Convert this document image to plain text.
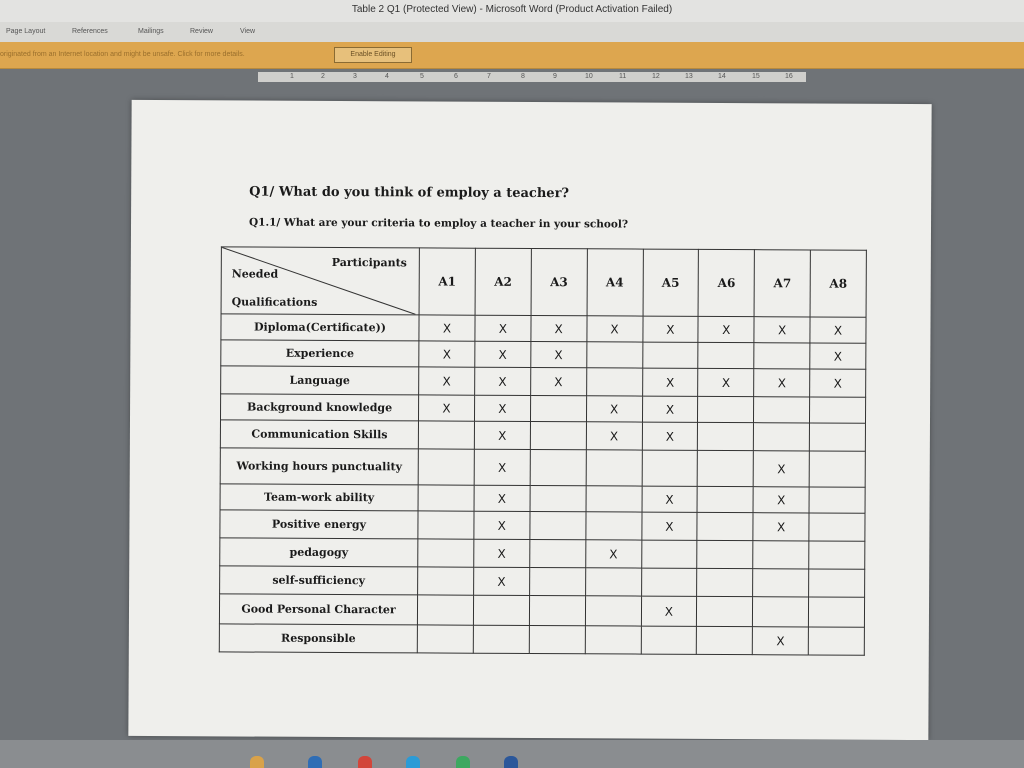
Table 2 Q1 (Protected View) - Microsoft Word (Product Activation Failed)
Page Layout	References	Mailings	Review	View
originated from an Internet location and might be unsafe. Click for more details.	Enable Editing
1	2	3	4	5	6	7	8	9	10	11	12	13	14	15	16
Q1/ What do you think of employ a teacher?
Q1.1/ What are your criteria to employ a teacher in your school?
Participants
Needed
Qualifications	A1	A2	A3	A4	A5	A6	A7	A8
Diploma(Certificate))	X	X	X	X	X	X	X	X
Experience	X	X	X					X
Language	X	X	X		X	X	X	X
Background knowledge	X	X		X	X			
Communication Skills		X		X	X			
Working hours punctuality		X					X	
Team-work ability		X			X		X	
Positive energy		X			X		X	
pedagogy		X		X				
self-sufficiency		X						
Good Personal Character					X			
Responsible							X	
